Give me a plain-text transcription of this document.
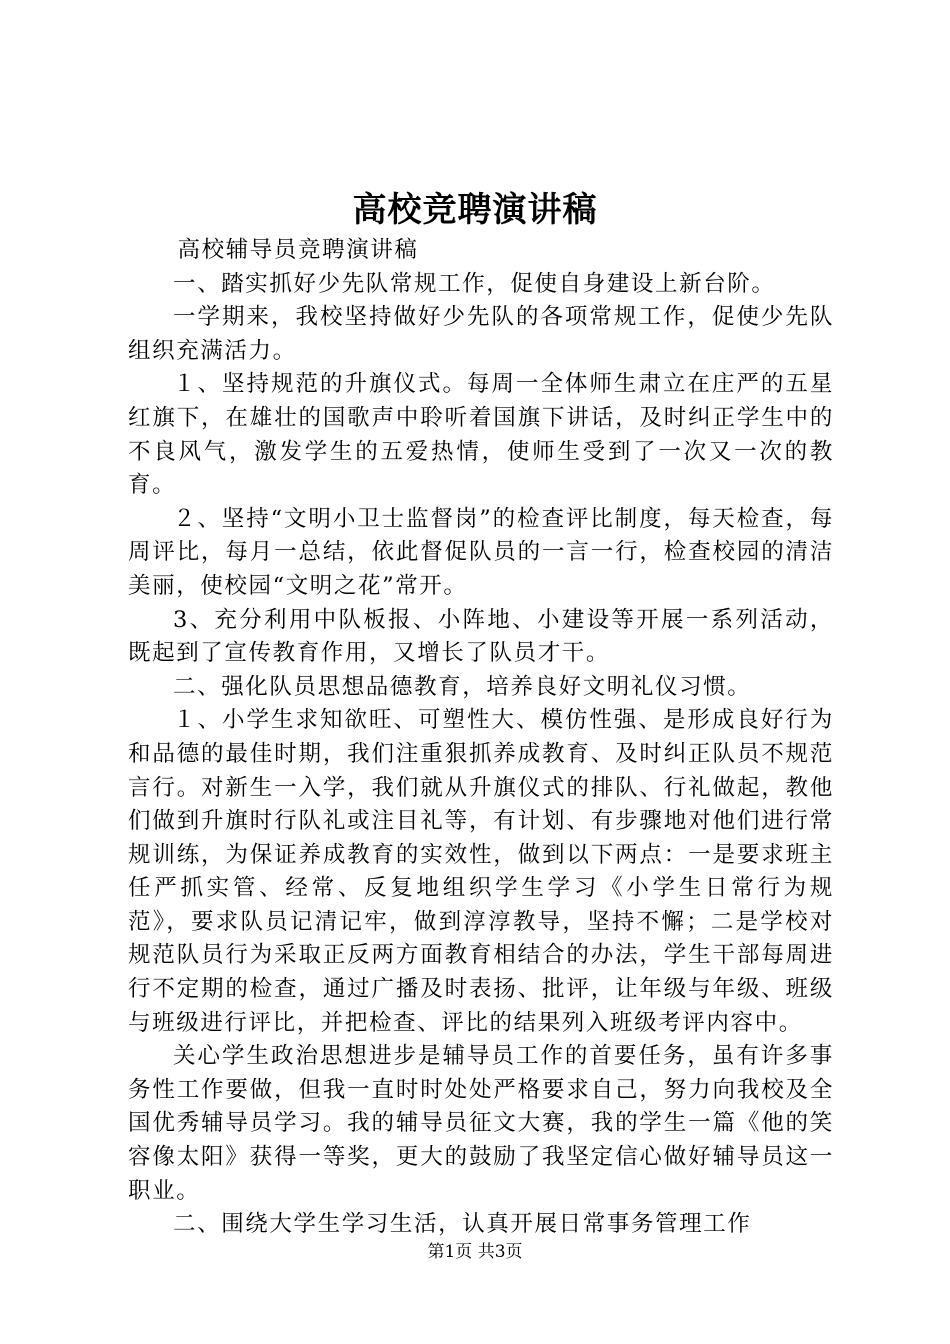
高校竞聘演讲稿

高校辅导员竞聘演讲稿

一、踏实抓好少先队常规工作，促使自身建设上新台阶。

一学期来，我校坚持做好少先队的各项常规工作，促使少先队组织充满活力。

１、坚持规范的升旗仪式。每周一全体师生肃立在庄严的五星红旗下，在雄壮的国歌声中聆听着国旗下讲话，及时纠正学生中的不良风气，激发学生的五爱热情，使师生受到了一次又一次的教育。

２、坚持“文明小卫士监督岗”的检查评比制度，每天检查，每周评比，每月一总结，依此督促队员的一言一行，检查校园的清洁美丽，使校园“文明之花”常开。

3、充分利用中队板报、小阵地、小建设等开展一系列活动，既起到了宣传教育作用，又增长了队员才干。

二、强化队员思想品德教育，培养良好文明礼仪习惯。

１、小学生求知欲旺、可塑性大、模仿性强、是形成良好行为和品德的最佳时期，我们注重狠抓养成教育、及时纠正队员不规范言行。对新生一入学，我们就从升旗仪式的排队、行礼做起，教他们做到升旗时行队礼或注目礼等，有计划、有步骤地对他们进行常规训练，为保证养成教育的实效性，做到以下两点：一是要求班主任严抓实管、经常、反复地组织学生学习《小学生日常行为规范》，要求队员记清记牢，做到淳淳教导，坚持不懈；二是学校对规范队员行为采取正反两方面教育相结合的办法，学生干部每周进行不定期的检查，通过广播及时表扬、批评，让年级与年级、班级与班级进行评比，并把检查、评比的结果列入班级考评内容中。

关心学生政治思想进步是辅导员工作的首要任务，虽有许多事务性工作要做，但我一直时时处处严格要求自己，努力向我校及全国优秀辅导员学习。我的辅导员征文大赛，我的学生一篇《他的笑容像太阳》获得一等奖，更大的鼓励了我坚定信心做好辅导员这一职业。

二、围绕大学生学习生活，认真开展日常事务管理工作

第1页 共3页
